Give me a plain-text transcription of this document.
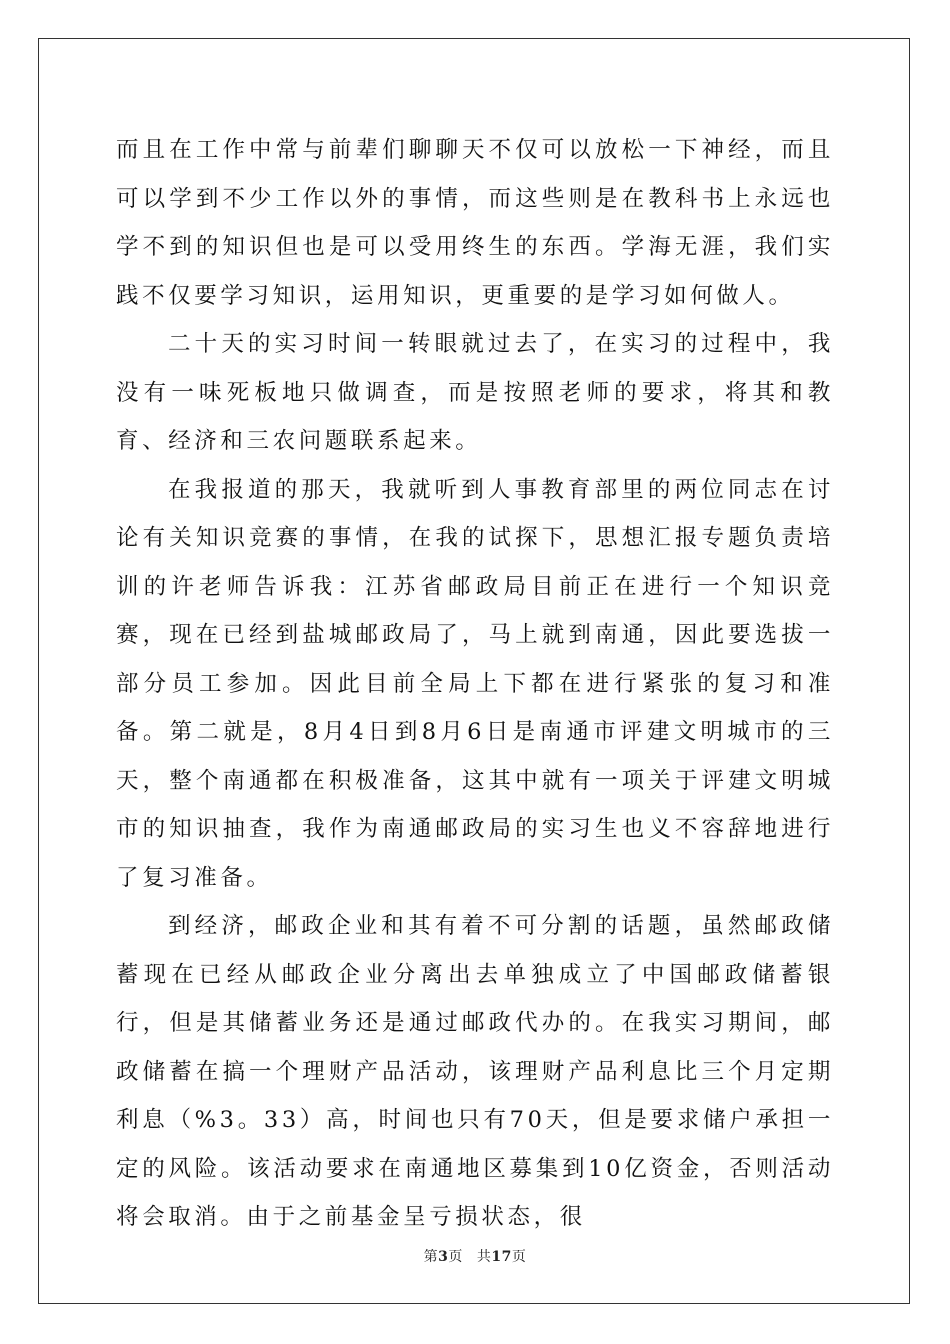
而且在工作中常与前辈们聊聊天不仅可以放松一下神经，而且可以学到不少工作以外的事情，而这些则是在教科书上永远也学不到的知识但也是可以受用终生的东西。学海无涯，我们实践不仅要学习知识，运用知识，更重要的是学习如何做人。

二十天的实习时间一转眼就过去了，在实习的过程中，我没有一味死板地只做调查，而是按照老师的要求，将其和教育、经济和三农问题联系起来。

在我报道的那天，我就听到人事教育部里的两位同志在讨论有关知识竞赛的事情，在我的试探下，思想汇报专题负责培训的许老师告诉我：江苏省邮政局目前正在进行一个知识竞赛，现在已经到盐城邮政局了，马上就到南通，因此要选拔一部分员工参加。因此目前全局上下都在进行紧张的复习和准备。第二就是，8月4日到8月6日是南通市评建文明城市的三天，整个南通都在积极准备，这其中就有一项关于评建文明城市的知识抽查，我作为南通邮政局的实习生也义不容辞地进行了复习准备。

到经济，邮政企业和其有着不可分割的话题，虽然邮政储蓄现在已经从邮政企业分离出去单独成立了中国邮政储蓄银行，但是其储蓄业务还是通过邮政代办的。在我实习期间，邮政储蓄在搞一个理财产品活动，该理财产品利息比三个月定期利息（%3。33）高，时间也只有70天，但是要求储户承担一定的风险。该活动要求在南通地区募集到10亿资金，否则活动将会取消。由于之前基金呈亏损状态，很

第3页 共17页
